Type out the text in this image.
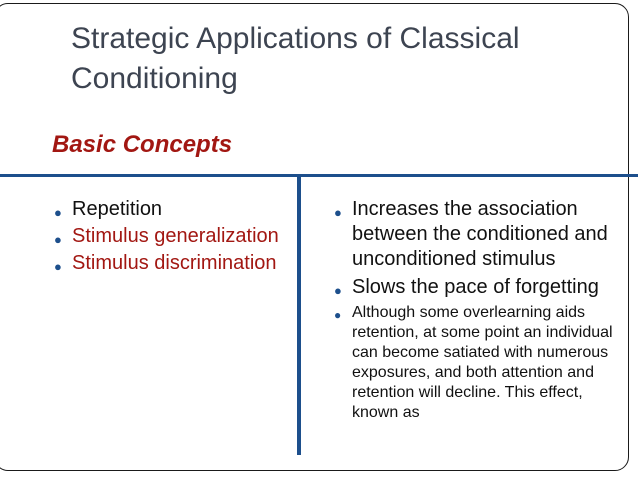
Strategic Applications of Classical Conditioning
Basic Concepts
● Repetition
● Stimulus generalization
● Stimulus discrimination
● Increases the association between the conditioned and unconditioned stimulus
● Slows the pace of forgetting
● Although some overlearning aids retention, at some point an individual can become satiated with numerous exposures, and both attention and retention will decline. This effect, known as
